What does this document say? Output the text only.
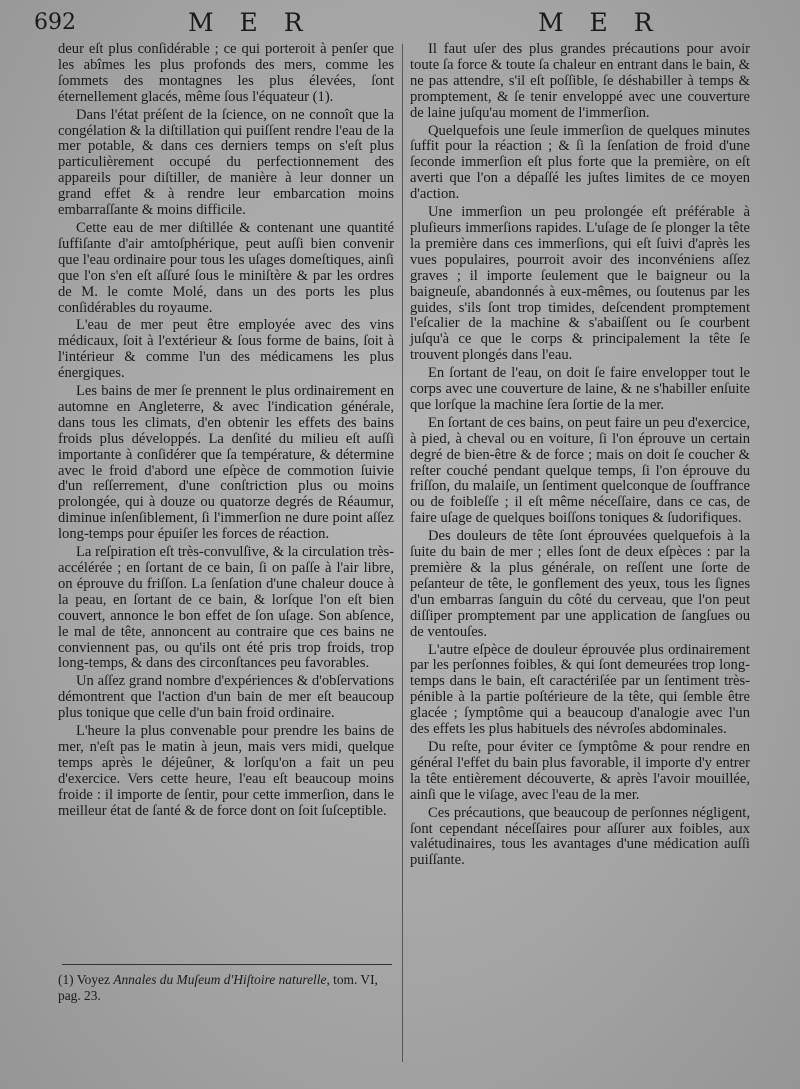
692	M E R	M E R

deur eſt plus conſidérable ; ce qui porteroit à penſer que les abîmes les plus profonds des mers, comme les ſommets des montagnes les plus élevées, ſont éternellement glacés, même ſous l'équateur (1).

Dans l'état préſent de la ſcience, on ne connoît que la congélation & la diſtillation qui puiſſent rendre l'eau de la mer potable, & dans ces derniers temps on s'eſt plus particulièrement occupé du perfectionnement des appareils pour diſtiller, de manière à leur donner un grand effet & à rendre leur embarcation moins embarraſſante & moins difficile.

Cette eau de mer diſtillée & contenant une quantité ſuffiſante d'air amtoſphérique, peut auſſi bien convenir que l'eau ordinaire pour tous les uſages domeſtiques, ainſi que l'on s'en eſt aſſuré ſous le miniſtère & par les ordres de M. le comte Molé, dans un des ports les plus conſidérables du royaume.

L'eau de mer peut être employée avec des vins médicaux, ſoit à l'extérieur & ſous forme de bains, ſoit à l'intérieur & comme l'un des médicamens les plus énergiques.

Les bains de mer ſe prennent le plus ordinairement en automne en Angleterre, & avec l'indication générale, dans tous les climats, d'en obtenir les effets des bains froids plus développés. La denſité du milieu eſt auſſi importante à conſidérer que ſa température, & détermine avec le froid d'abord une eſpèce de commotion ſuivie d'un reſſerrement, d'une conſtriction plus ou moins prolongée, qui à douze ou quatorze degrés de Réaumur, diminue inſenſiblement, ſi l'immerſion ne dure point aſſez long-temps pour épuiſer les forces de réaction.

La reſpiration eſt très-convulſive, & la circulation très-accélérée ; en ſortant de ce bain, ſi on paſſe à l'air libre, on éprouve du friſſon. La ſenſation d'une chaleur douce à la peau, en ſortant de ce bain, & lorſque l'on eſt bien couvert, annonce le bon effet de ſon uſage. Son abſence, le mal de tête, annoncent au contraire que ces bains ne conviennent pas, ou qu'ils ont été pris trop froids, trop long-temps, & dans des circonſtances peu favorables.

Un aſſez grand nombre d'expériences & d'obſervations démontrent que l'action d'un bain de mer eſt beaucoup plus tonique que celle d'un bain froid ordinaire.

L'heure la plus convenable pour prendre les bains de mer, n'eſt pas le matin à jeun, mais vers midi, quelque temps après le déjeûner, & lorſqu'on a fait un peu d'exercice. Vers cette heure, l'eau eſt beaucoup moins froide : il importe de ſentir, pour cette immerſion, dans le meilleur état de ſanté & de force dont on ſoit ſuſceptible.

Il faut uſer des plus grandes précautions pour avoir toute ſa force & toute ſa chaleur en entrant dans le bain, & ne pas attendre, s'il eſt poſſible, ſe déshabiller à temps & promptement, & ſe tenir enveloppé avec une couverture de laine juſqu'au moment de l'immerſion.

Quelquefois une ſeule immerſion de quelques minutes ſuffit pour la réaction ; & ſi la ſenſation de froid d'une ſeconde immerſion eſt plus forte que la première, on eſt averti que l'on a dépaſſé les juſtes limites de ce moyen d'action.

Une immerſion un peu prolongée eſt préférable à pluſieurs immerſions rapides. L'uſage de ſe plonger la tête la première dans ces immerſions, qui eſt ſuivi d'après les vues populaires, pourroit avoir des inconvéniens aſſez graves ; il importe ſeulement que le baigneur ou la baigneuſe, abandonnés à eux-mêmes, ou ſoutenus par les guides, s'ils ſont trop timides, deſcendent promptement l'eſcalier de la machine & s'abaiſſent ou ſe courbent juſqu'à ce que le corps & principalement la tête ſe trouvent plongés dans l'eau.

En ſortant de l'eau, on doit ſe faire envelopper tout le corps avec une couverture de laine, & ne s'habiller enſuite que lorſque la machine ſera ſortie de la mer.

En ſortant de ces bains, on peut faire un peu d'exercice, à pied, à cheval ou en voiture, ſi l'on éprouve un certain degré de bien-être & de force ; mais on doit ſe coucher & reſter couché pendant quelque temps, ſi l'on éprouve du friſſon, du malaiſe, un ſentiment quelconque de ſouffrance ou de foibleſſe ; il eſt même néceſſaire, dans ce cas, de faire uſage de quelques boiſſons toniques & ſudorifiques.

Des douleurs de tête ſont éprouvées quelquefois à la ſuite du bain de mer ; elles ſont de deux eſpèces : par la première & la plus générale, on reſſent une ſorte de peſanteur de tête, le gonflement des yeux, tous les ſignes d'un embarras ſanguin du côté du cerveau, que l'on peut diſſiper promptement par une application de ſangſues ou de ventouſes.

L'autre eſpèce de douleur éprouvée plus ordinairement par les perſonnes foibles, & qui ſont demeurées trop long-temps dans le bain, eſt caractériſée par un ſentiment très-pénible à la partie poſtérieure de la tête, qui ſemble être glacée ; ſymptôme qui a beaucoup d'analogie avec l'un des effets les plus habituels des névroſes abdominales.

Du reſte, pour éviter ce ſymptôme & pour rendre en général l'effet du bain plus favorable, il importe d'y entrer la tête entièrement découverte, & après l'avoir mouillée, ainſi que le viſage, avec l'eau de la mer.

Ces précautions, que beaucoup de perſonnes négligent, ſont cependant néceſſaires pour aſſurer aux foibles, aux valétudinaires, tous les avantages d'une médication auſſi puiſſante.

(1) Voyez Annales du Muſeum d'Hiſtoire naturelle, tom. VI, pag. 23.
